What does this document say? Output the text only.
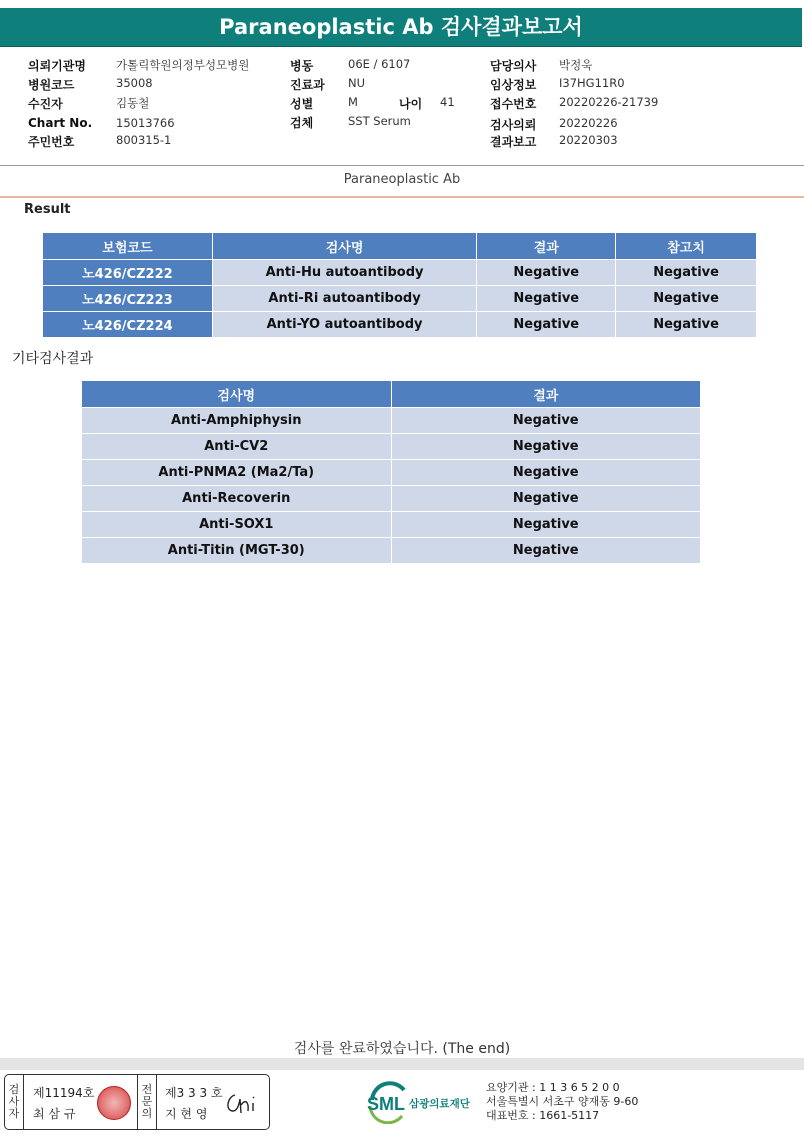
Paraneoplastic Ab 검사결과보고서
의뢰기관명	가톨릭학원의정부성모병원
병원코드	35008
수진자	김동철
Chart No. 15013766
주민번호	800315-1
병동	06E / 6107
진료과 NU
성별	M	나이 41
검체	SST Serum
담당의사 박정욱
임상정보 I37HG11R0
접수번호 20220226-21739
검사의뢰 20220226
결과보고 20220303
Paraneoplastic Ab
Result
보험코드	검사명	결과	참고치
노426/CZ222	Anti-Hu autoantibody	Negative	Negative
노426/CZ223	Anti-Ri autoantibody	Negative	Negative
노426/CZ224	Anti-YO autoantibody	Negative	Negative
기타검사결과
검사명	결과
Anti-Amphiphysin	Negative
Anti-CV2	Negative
Anti-PNMA2 (Ma2/Ta)	Negative
Anti-Recoverin	Negative
Anti-SOX1	Negative
Anti-Titin (MGT-30)	Negative
검사를 완료하였습니다. (The end)
검
사
자
제11194호
최 삼 규
전
문
의
제3 3 3 호
지 현 영	SML 삼광의료재단
요양기관 : 1 1 3 6 5 2 0 0
서울특별시 서초구 양재동 9-60
대표번호 : 1661-5117
